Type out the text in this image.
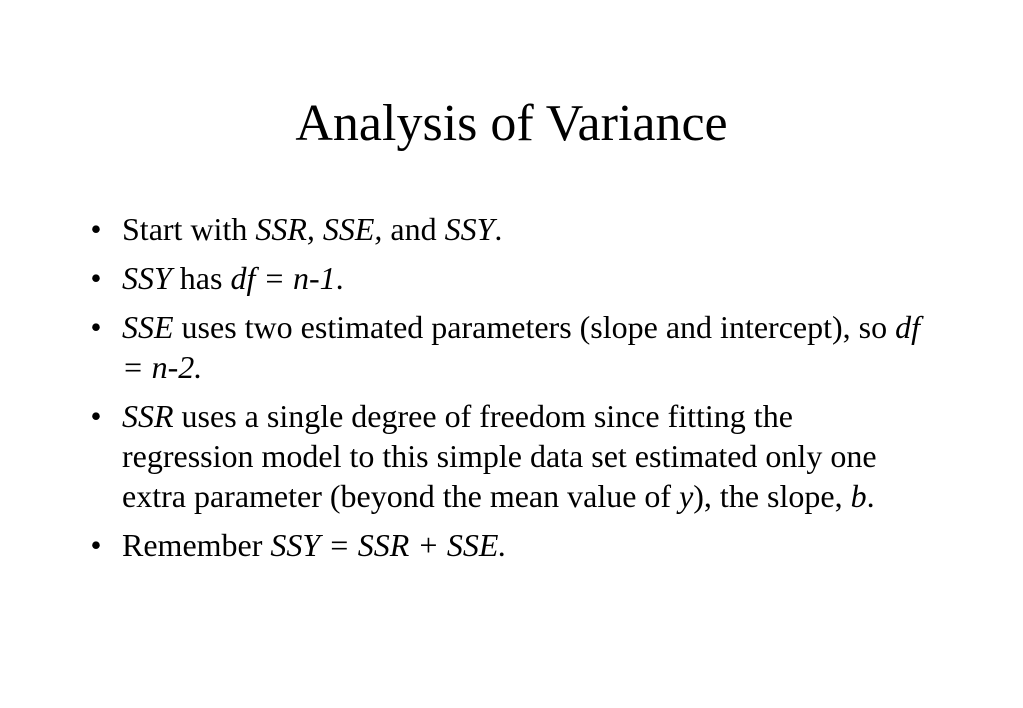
Analysis of Variance
• Start with SSR, SSE, and SSY.
• SSY has df = n-1.
• SSE uses two estimated parameters (slope and intercept), so df = n-2.
• SSR uses a single degree of freedom since fitting the regression model to this simple data set estimated only one extra parameter (beyond the mean value of y), the slope, b.
• Remember SSY = SSR + SSE.
